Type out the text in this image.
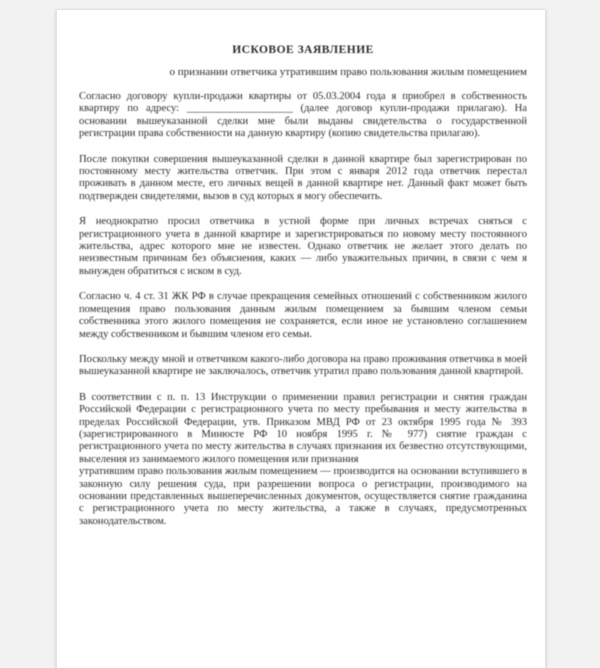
ИСКОВОЕ ЗАЯВЛЕНИЕ
о признании ответчика утратившим право пользования жилым помещением
Согласно договору купли-продажи квартиры от 05.03.2004 года я приобрел в собственность квартиру по адресу: ____________________ (далее договор купли-продажи прилагаю). На основании вышеуказанной сделки мне были выданы свидетельства о государственной регистрации права собственности на данную квартиру (копию свидетельства прилагаю).
После покупки совершения вышеуказанной сделки в данной квартире был зарегистрирован по постоянному месту жительства ответчик. При этом с января 2012 года ответчик перестал проживать в данном месте, его личных вещей в данной квартире нет. Данный факт может быть подтвержден свидетелями, вызов в суд которых я могу обеспечить.
Я неоднократно просил ответчика в устной форме при личных встречах сняться с регистрационного учета в данной квартире и зарегистрироваться по новому месту постоянного жительства, адрес которого мне не известен. Однако ответчик не желает этого делать по неизвестным причинам без объяснения, каких — либо уважительных причин, в связи с чем я вынужден обратиться с иском в суд.
Согласно ч. 4 ст. 31 ЖК РФ в случае прекращения семейных отношений с собственником жилого помещения право пользования данным жилым помещением за бывшим членом семьи собственника этого жилого помещения не сохраняется, если иное не установлено соглашением между собственником и бывшим членом его семьи.
Поскольку между мной и ответчиком какого-либо договора на право проживания ответчика в моей вышеуказанной квартире не заключалось, ответчик утратил право пользования данной квартирой.
В соответствии с п. п. 13 Инструкции о применении правил регистрации и снятия граждан Российской Федерации с регистрационного учета по месту пребывания и месту жительства в пределах Российской Федерации, утв. Приказом МВД РФ от 23 октября 1995 года № 393 (зарегистрированного в Минюсте РФ 10 ноября 1995 г. № 977) снятие граждан с регистрационного учета по месту жительства в случаях признания их безвестно отсутствующими, выселения из занимаемого жилого помещения или признания
утратившим право пользования жилым помещением — производится на основании вступившего в законную силу решения суда, при разрешении вопроса о регистрации, производимого на основании представленных вышеперечисленных документов, осуществляется снятие гражданина с регистрационного учета по месту жительства, а также в случаях, предусмотренных законодательством.
